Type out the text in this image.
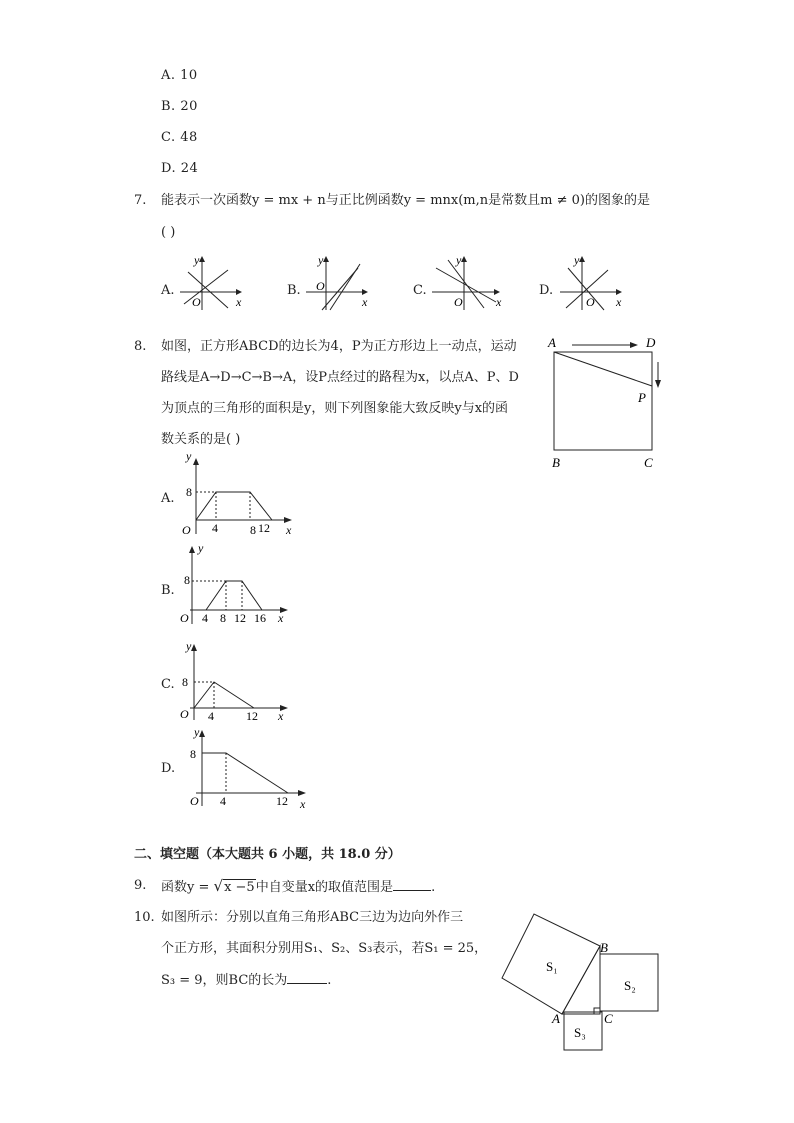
A. 10
B. 20
C. 48
D. 24
7. 能表示一次函数y = mx + n与正比例函数y = mnx(m,n是常数且m ≠ 0)的图象的是
( )
A.	B.	C.	D.
y
O	x
y
O
x
y
O	x
y
O x
8. 如图，正方形ABCD的边长为4，P为正方形边上一动点，运动
路线是A→D→C→B→A，设P点经过的路程为x，以点A、P、D
为顶点的三角形的面积是y，则下列图象能大致反映y与x的函
数关系的是( )
A	D
P
B	C
A.
B.
C.
D.
y
8
O 4	8 12 x
y
8
O 4 8 12 16 x
y
8
O 4	12 x
y
8
O 4	12 x
二、填空题（本大题共 6 小题，共 18.0 分）
9. 函数y = √x −5中自变量x的取值范围是	.
10. 如图所示：分别以直角三角形ABC三边为边向外作三
个正方形，其面积分别用S₁、S₂、S₃表示，若S₁ = 25，
S₃ = 9，则BC的长为	.
S₁
S₂
S₃
B
A	C
